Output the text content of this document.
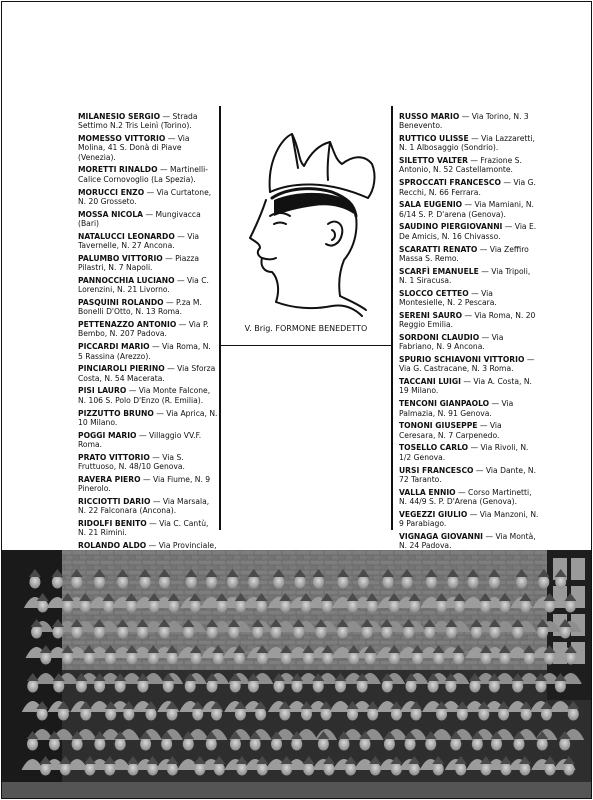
MILANESIO SERGIO — Strada Settimo N.2 Tris Leinì (Torino).
MOMESSO VITTORIO — Via Molina, 41 S. Donà di Piave (Venezia).
MORETTI RINALDO — Martinelli-Calice Cornovoglio (La Spezia).
MORUCCI ENZO — Via Curtatone, N. 20 Grosseto.
MOSSA NICOLA — Mungivacca (Bari)
NATALUCCI LEONARDO — Via Tavernelle, N. 27 Ancona.
PALUMBO VITTORIO — Piazza Pilastri, N. 7 Napoli.
PANNOCCHIA LUCIANO — Via C. Lorenzini, N. 21 Livorno.
PASQUINI ROLANDO — P.za M. Bonelli D'Otto, N. 13 Roma.
PETTENAZZO ANTONIO — Via P. Bembo, N. 207 Padova.
PICCARDI MARIO — Via Roma, N. 5 Rassina (Arezzo).
PINCIAROLI PIERINO — Via Sforza Costa, N. 54 Macerata.
PISI LAURO — Via Monte Falcone, N. 106 S. Polo D'Enzo (R. Emilia).
PIZZUTTO BRUNO — Via Aprica, N. 10 Milano.
POGGI MARIO — Villaggio VV.F. Roma.
PRATO VITTORIO — Via S. Fruttuoso, N. 48/10 Genova.
RAVERA PIERO — Via Fiume, N. 9 Pinerolo.
RICCIOTTI DARIO — Via Marsala, N. 22 Falconara (Ancona).
RIDOLFI BENITO — Via C. Cantù, N. 21 Rimini.
ROLANDO ALDO — Via Provinciale,
V. Brig. FORMONE BENEDETTO
RUSSO MARIO — Via Torino, N. 3 Benevento.
RUTTICO ULISSE — Via Lazzaretti, N. 1 Albosaggio (Sondrio).
SILETTO VALTER — Frazione S. Antonio, N. 52 Castellamonte.
SPROCCATI FRANCESCO — Via G. Recchi, N. 66 Ferrara.
SALA EUGENIO — Via Mamiani, N. 6/14 S. P. D'arena (Genova).
SAUDINO PIERGIOVANNI — Via E. De Amicis, N. 16 Chivasso.
SCARATTI RENATO — Via Zeffiro Massa S. Remo.
SCARFÌ EMANUELE — Via Tripoli, N. 1 Siracusa.
SLOCCO CETTEO — Via Montesielle, N. 2 Pescara.
SERENI SAURO — Via Roma, N. 20 Reggio Emilia.
SORDONI CLAUDIO — Via Fabriano, N. 9 Ancona.
SPURIO SCHIAVONI VITTORIO — Via G. Castracane, N. 3 Roma.
TACCANI LUIGI — Via A. Costa, N. 19 Milano.
TENCONI GIANPAOLO — Via Palmazia, N. 91 Genova.
TONONI GIUSEPPE — Via Ceresara, N. 7 Carpenedo.
TOSELLO CARLO — Via Rivoli, N. 1/2 Genova.
URSI FRANCESCO — Via Dante, N. 72 Taranto.
VALLA ENNIO — Corso Martinetti, N. 44/9 S. P. D'Arena (Genova).
VEGEZZI GIULIO — Via Manzoni, N. 9 Parabiago.
VIGNAGA GIOVANNI — Via Montà, N. 24 Padova.
